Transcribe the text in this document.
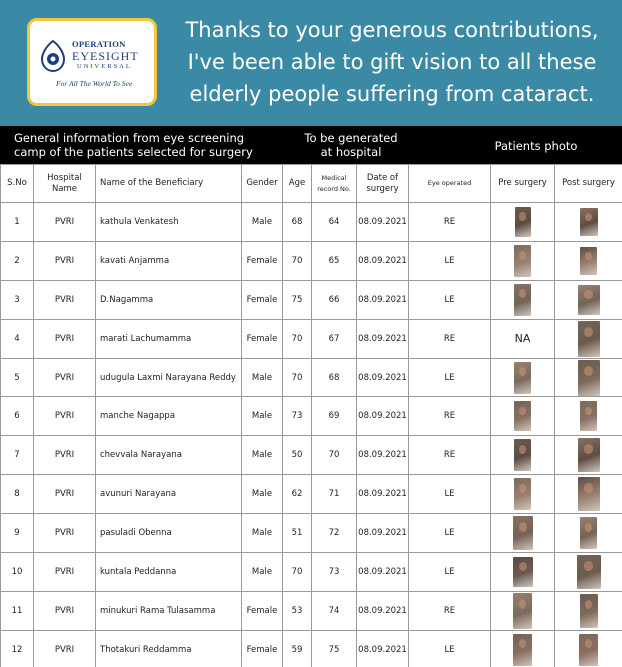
OPERATION
EYESIGHT
UNIVERSAL
For All The World To See
Thanks to your generous contributions,
I've been able to gift vision to all these
elderly people suffering from cataract.
General information from eye screening
camp of the patients selected for surgery
To be generated
at hospital	Patients photo
S.No	Hospital Name	Name of the Beneficiary	Gender	Age	Medical record No.	Date of surgery	Eye operated	Pre surgery	Post surgery
1	PVRI	kathula Venkatesh	Male	68	64	08.09.2021	RE		
2	PVRI	kavati Anjamma	Female	70	65	08.09.2021	LE		
3	PVRI	D.Nagamma	Female	75	66	08.09.2021	LE		
4	PVRI	marati Lachumamma	Female	70	67	08.09.2021	RE	NA	
5	PVRI	udugula Laxmi Narayana Reddy	Male	70	68	08.09.2021	LE		
6	PVRI	manche Nagappa	Male	73	69	08.09.2021	RE		
7	PVRI	chevvala Narayana	Male	50	70	08.09.2021	RE		
8	PVRI	avunuri Narayana	Male	62	71	08.09.2021	LE		
9	PVRI	pasuladi Obenna	Male	51	72	08.09.2021	LE		
10	PVRI	kuntala Peddanna	Male	70	73	08.09.2021	LE		
11	PVRI	minukuri Rama Tulasamma	Female	53	74	08.09.2021	RE		
12	PVRI	Thotakuri Reddamma	Female	59	75	08.09.2021	LE		
